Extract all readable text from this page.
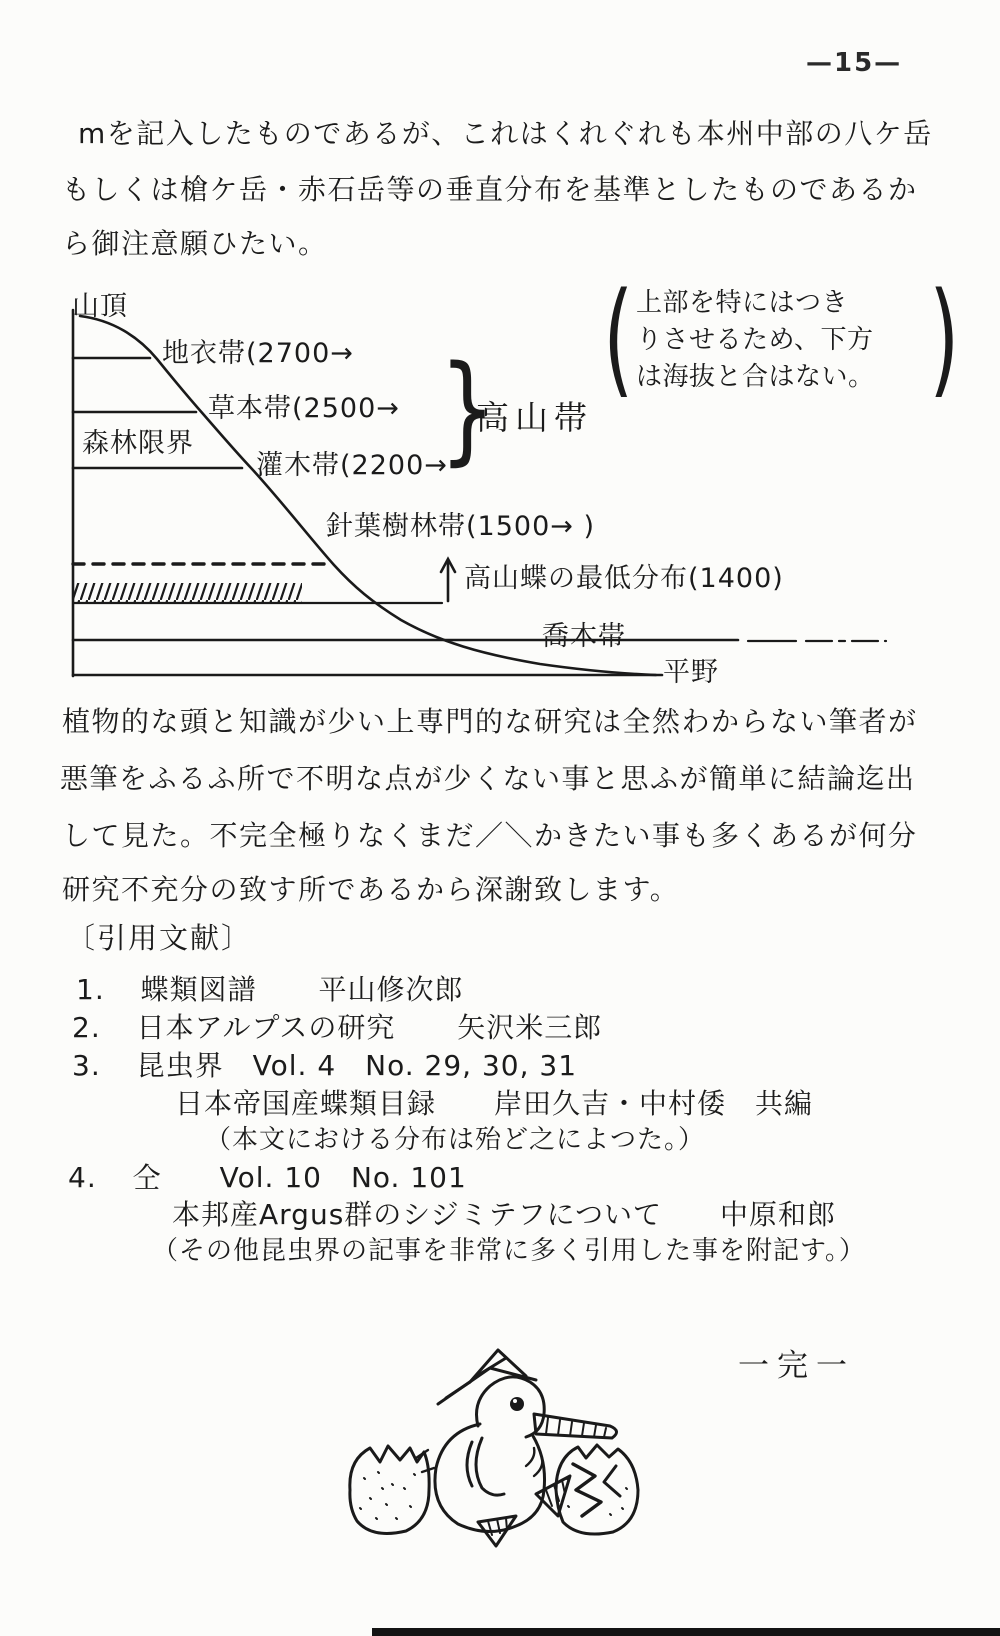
—15—
mを記入したものであるが、これはくれぐれも本州中部の八ケ岳
もしくは槍ケ岳・赤石岳等の垂直分布を基準としたものであるか
ら御注意願ひたい。
山頂
地衣帯(2700→
草本帯(2500→
森林限界
灌木帯(2200→
}
高山帯
針葉樹林帯(1500→ )
高山蝶の最低分布(1400)
喬木帯
平野
( 上部を特にはつき
りさせるため、下方
は海抜と合はない。 )
植物的な頭と知識が少い上専門的な研究は全然わからない筆者が
悪筆をふるふ所で不明な点が少くない事と思ふが簡単に結論迄出
して見た。不完全極りなくまだ／＼かきたい事も多くあるが何分
研究不充分の致す所であるから深謝致します。
〔引用文献〕
1. 蝶類図譜 平山修次郎
2. 日本アルプスの研究 矢沢米三郎
3. 昆虫界　Vol. 4　No. 29, 30, 31
日本帝国産蝶類目録　　岸田久吉・中村倭　共編
（本文における分布は殆ど之によつた。）
4. 仝　　Vol. 10　No. 101
本邦産Argus群のシジミテフについて　　中原和郎
（その他昆虫界の記事を非常に多く引用した事を附記す。）
一完一
